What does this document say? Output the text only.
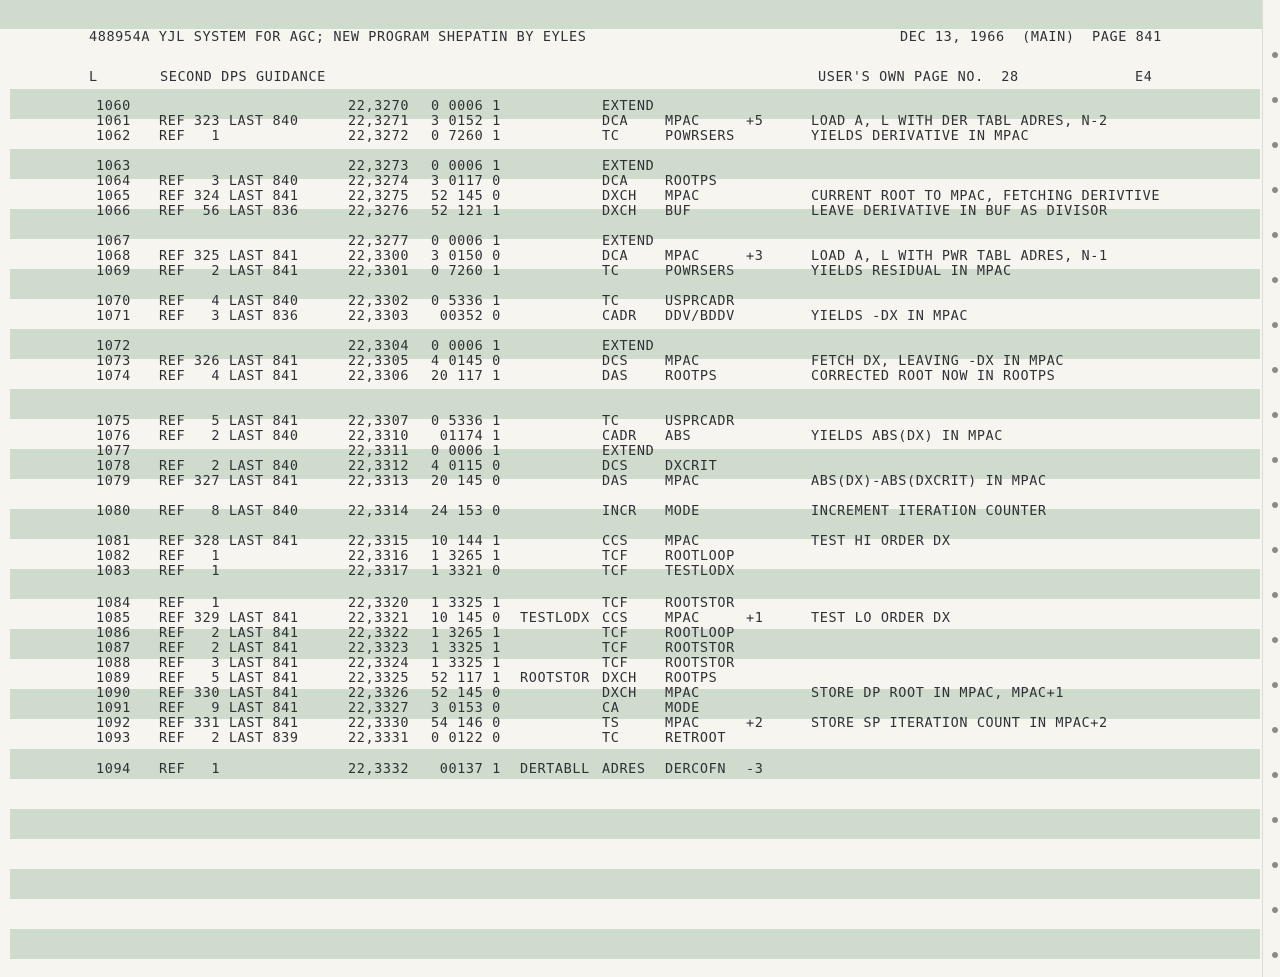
488954A YJL SYSTEM FOR AGC; NEW PROGRAM SHEPATIN BY EYLES	DEC 13, 1966  (MAIN)  PAGE 841
L	SECOND DPS GUIDANCE	USER'S OWN PAGE NO.  28	E4
1060	22,3270 0 0006 1	EXTEND
1061 REF 323 LAST 840	22,3271 3 0152 1	DCA	MPAC	+5	LOAD A, L WITH DER TABL ADRES, N-2
1062 REF   1	22,3272 0 7260 1	TC	POWRSERS	YIELDS DERIVATIVE IN MPAC
1063	22,3273 0 0006 1	EXTEND
1064 REF   3 LAST 840	22,3274 3 0117 0	DCA	ROOTPS
1065 REF 324 LAST 841	22,3275 52 145 0	DXCH MPAC	CURRENT ROOT TO MPAC, FETCHING DERIVTIVE
1066 REF  56 LAST 836	22,3276 52 121 1	DXCH BUF	LEAVE DERIVATIVE IN BUF AS DIVISOR
1067	22,3277 0 0006 1	EXTEND
1068 REF 325 LAST 841	22,3300 3 0150 0	DCA	MPAC	+3	LOAD A, L WITH PWR TABL ADRES, N-1
1069 REF   2 LAST 841	22,3301 0 7260 1	TC	POWRSERS	YIELDS RESIDUAL IN MPAC
1070 REF   4 LAST 840	22,3302 0 5336 1	TC	USPRCADR
1071 REF   3 LAST 836	22,3303 00352 0	CADR DDV/BDDV	YIELDS -DX IN MPAC
1072	22,3304 0 0006 1	EXTEND
1073 REF 326 LAST 841	22,3305 4 0145 0	DCS	MPAC	FETCH DX, LEAVING -DX IN MPAC
1074 REF   4 LAST 841	22,3306 20 117 1	DAS	ROOTPS	CORRECTED ROOT NOW IN ROOTPS
1075 REF   5 LAST 841	22,3307 0 5336 1	TC	USPRCADR
1076 REF   2 LAST 840	22,3310 01174 1	CADR ABS	YIELDS ABS(DX) IN MPAC
1077	22,3311 0 0006 1	EXTEND
1078 REF   2 LAST 840	22,3312 4 0115 0	DCS	DXCRIT
1079 REF 327 LAST 841	22,3313 20 145 0	DAS	MPAC	ABS(DX)-ABS(DXCRIT) IN MPAC
1080 REF   8 LAST 840	22,3314 24 153 0	INCR MODE	INCREMENT ITERATION COUNTER
1081 REF 328 LAST 841	22,3315 10 144 1	CCS	MPAC	TEST HI ORDER DX
1082 REF   1	22,3316 1 3265 1	TCF	ROOTLOOP
1083 REF   1	22,3317 1 3321 0	TCF	TESTLODX
1084 REF   1	22,3320 1 3325 1	TCF	ROOTSTOR
1085 REF 329 LAST 841	22,3321 10 145 0 TESTLODX CCS	MPAC	+1	TEST LO ORDER DX
1086 REF   2 LAST 841	22,3322 1 3265 1	TCF	ROOTLOOP
1087 REF   2 LAST 841	22,3323 1 3325 1	TCF	ROOTSTOR
1088 REF   3 LAST 841	22,3324 1 3325 1	TCF	ROOTSTOR
1089 REF   5 LAST 841	22,3325 52 117 1 ROOTSTOR DXCH ROOTPS
1090 REF 330 LAST 841	22,3326 52 145 0	DXCH MPAC	STORE DP ROOT IN MPAC, MPAC+1
1091 REF   9 LAST 841	22,3327 3 0153 0	CA	MODE
1092 REF 331 LAST 841	22,3330 54 146 0	TS	MPAC	+2	STORE SP ITERATION COUNT IN MPAC+2
1093 REF   2 LAST 839	22,3331 0 0122 0	TC	RETROOT
1094 REF   1	22,3332 00137 1 DERTABLL ADRES DERCOFN -3
